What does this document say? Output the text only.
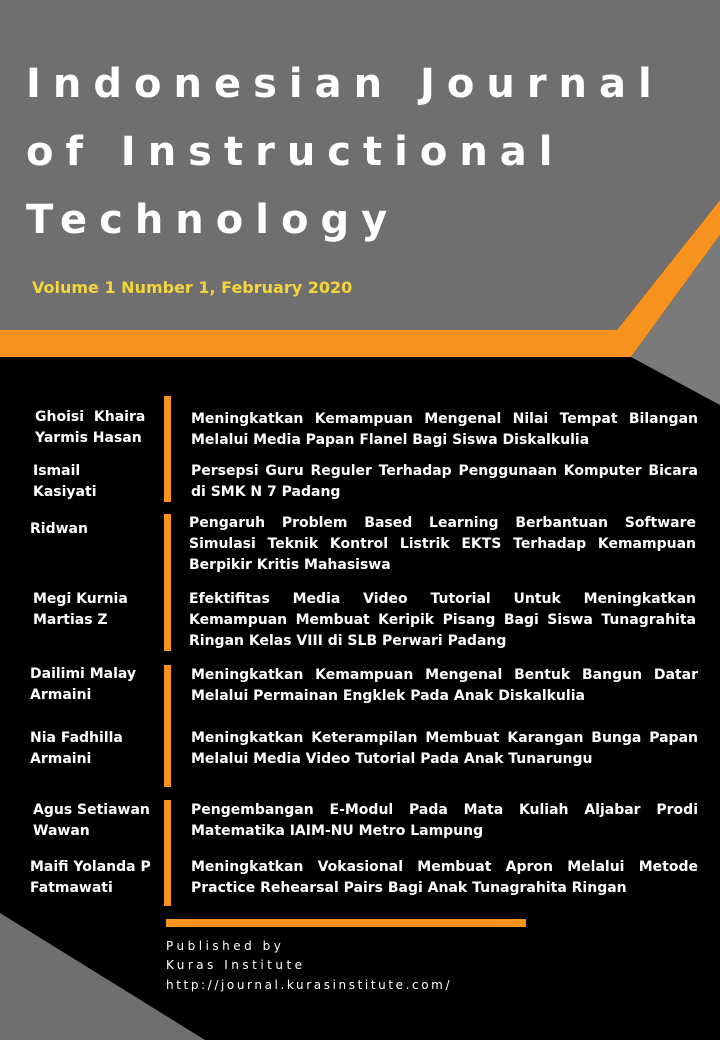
Indonesian Journal
of Instructional
Technology
Volume 1 Number 1, February 2020
Ghoisi Khaira
Yarmis Hasan
Meningkatkan Kemampuan Mengenal Nilai Tempat Bilangan Melalui Media Papan Flanel Bagi Siswa Diskalkulia
Ismail
Kasiyati
Persepsi Guru Reguler Terhadap Penggunaan Komputer Bicara di SMK N 7 Padang
Ridwan	Pengaruh Problem Based Learning Berbantuan Software Simulasi Teknik Kontrol Listrik EKTS Terhadap Kemampuan Berpikir Kritis Mahasiswa
Megi Kurnia
Martias Z
Efektifitas Media Video Tutorial Untuk Meningkatkan Kemampuan Membuat Keripik Pisang Bagi Siswa Tunagrahita Ringan Kelas VIII di SLB Perwari Padang
Dailimi Malay
Armaini
Meningkatkan Kemampuan Mengenal Bentuk Bangun Datar Melalui Permainan Engklek Pada Anak Diskalkulia
Nia Fadhilla
Armaini
Meningkatkan Keterampilan Membuat Karangan Bunga Papan Melalui Media Video Tutorial Pada Anak Tunarungu
Agus Setiawan
Wawan
Pengembangan E-Modul Pada Mata Kuliah Aljabar Prodi Matematika IAIM-NU Metro Lampung
Maifi Yolanda P
Fatmawati
Meningkatkan Vokasional Membuat Apron Melalui Metode Practice Rehearsal Pairs Bagi Anak Tunagrahita Ringan
Published by
Kuras Institute
http://journal.kurasinstitute.com/
